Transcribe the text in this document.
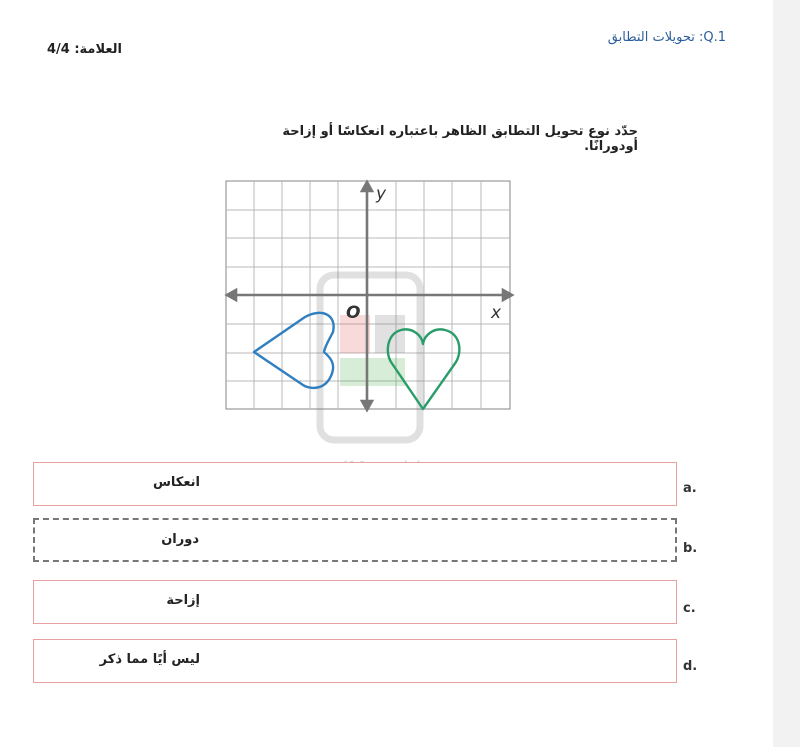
Q.1: تحويلات التطابق
العلامة: 4/4
حدّد نوع تحويل التطابق الظاهر باعتباره انعكاسًا أو إزاحة أودورانًا.
y
x
O
انعكاس	a.
دوران
b.
إزاحة
c.
ليس أيًا مما ذكر	d.
